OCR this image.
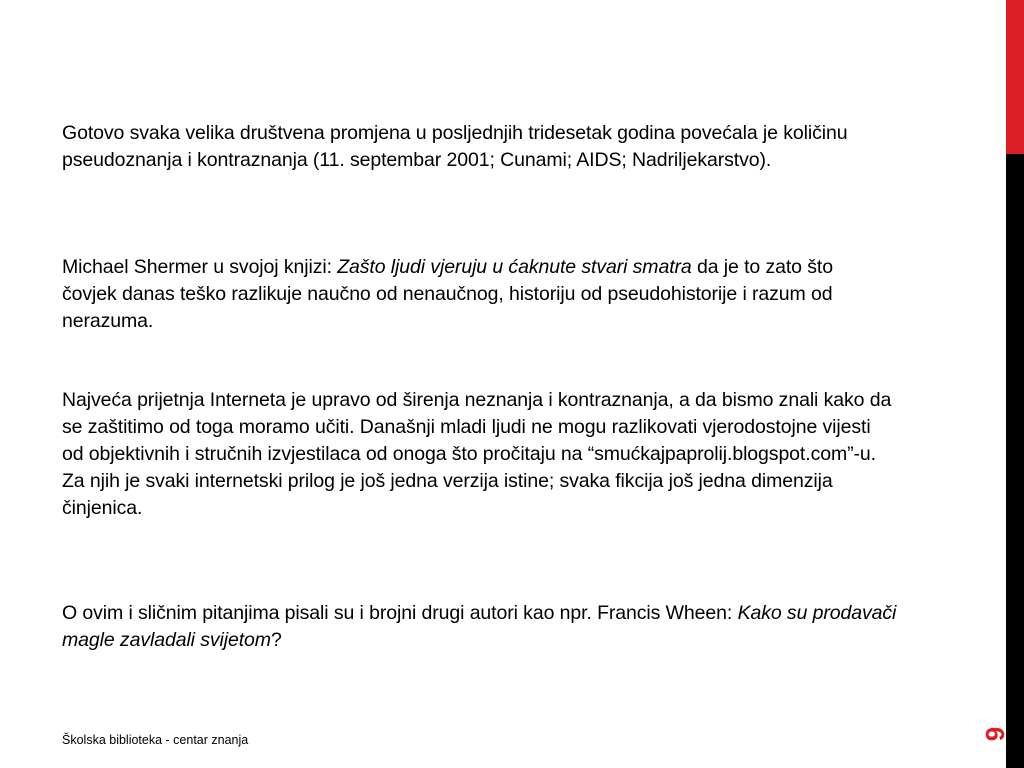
Gotovo svaka velika društvena promjena u posljednjih tridesetak godina povećala je količinu pseudoznanja i kontraznanja (11. septembar 2001; Cunami; AIDS; Nadriljekarstvo).

Michael Shermer u svojoj knjizi: Zašto ljudi vjeruju u ćaknute stvari smatra da je to zato što čovjek danas teško razlikuje naučno od nenaučnog, historiju od pseudohistorije i razum od nerazuma.

Najveća prijetnja Interneta je upravo od širenja neznanja i kontraznanja, a da bismo znali kako da se zaštitimo od toga moramo učiti. Današnji mladi ljudi ne mogu razlikovati vjerodostojne vijesti od objektivnih i stručnih izvjestilaca od onoga što pročitaju na “smućkajpaprolij.blogspot.com”-u. Za njih je svaki internetski prilog je još jedna verzija istine; svaka fikcija još jedna dimenzija činjenica.

O ovim i sličnim pitanjima pisali su i brojni drugi autori kao npr. Francis Wheen: Kako su prodavači magle zavladali svijetom?

Školska biblioteka - centar znanja	9
